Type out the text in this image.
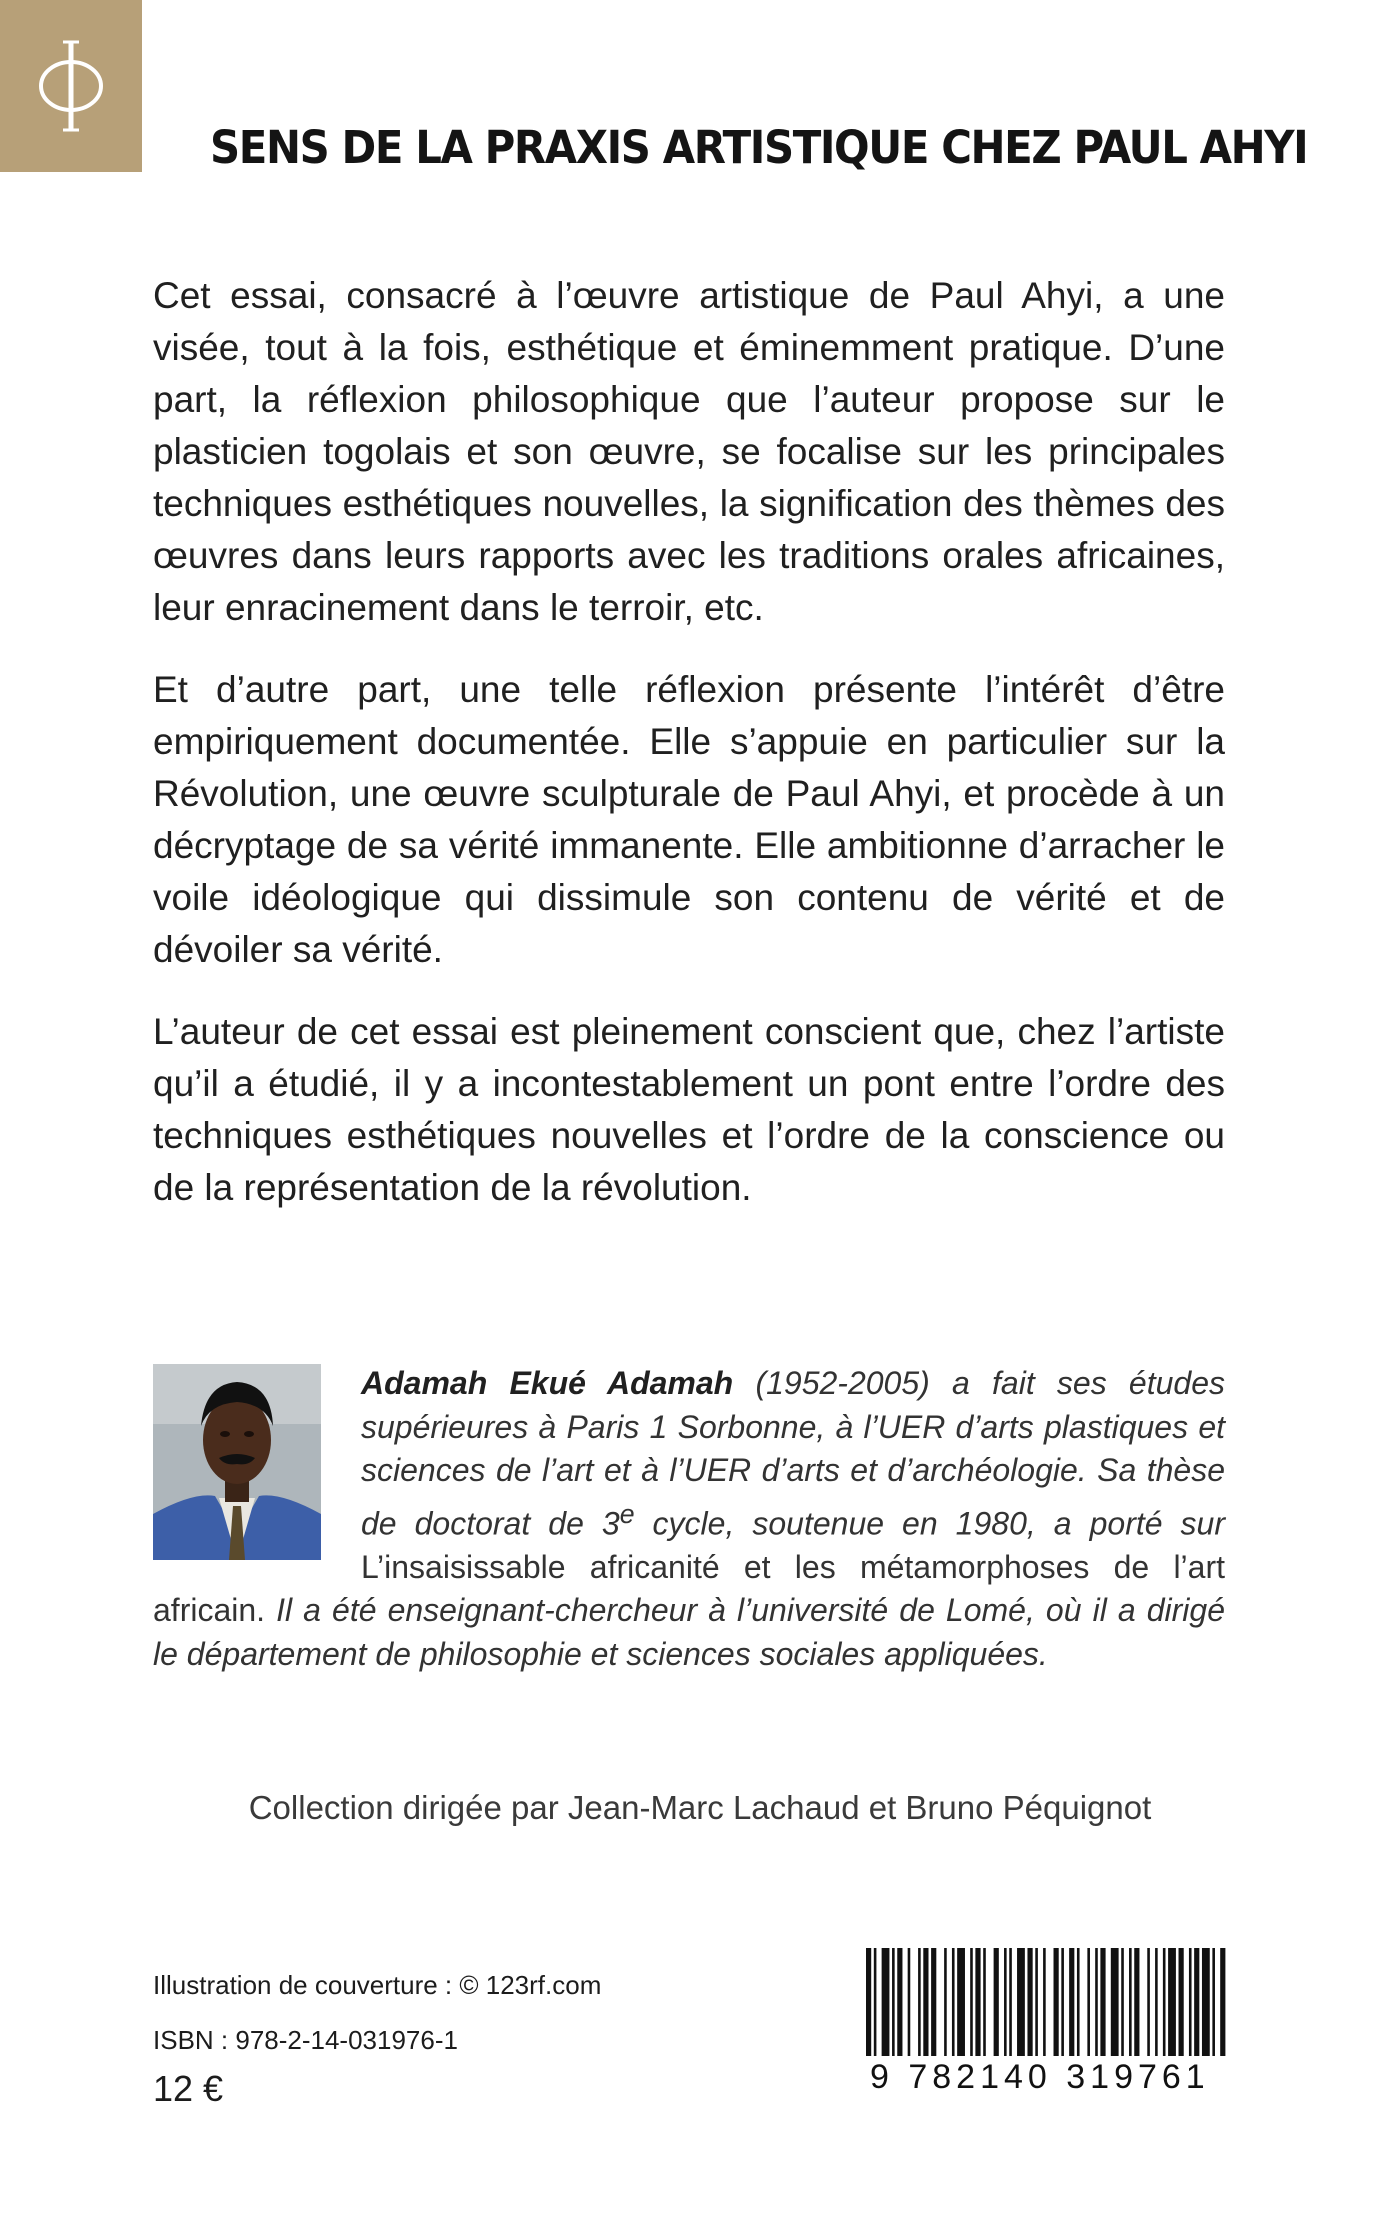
SENS DE LA PRAXIS ARTISTIQUE CHEZ PAUL AHYI

Cet essai, consacré à l’œuvre artistique de Paul Ahyi, a une visée, tout à la fois, esthétique et éminemment pratique. D’une part, la réflexion philosophique que l’auteur propose sur le plasticien togolais et son œuvre, se focalise sur les principales techniques esthétiques nouvelles, la signification des thèmes des œuvres dans leurs rapports avec les traditions orales africaines, leur enracinement dans le terroir, etc.

Et d’autre part, une telle réflexion présente l’intérêt d’être empiriquement documentée. Elle s’appuie en particulier sur la Révolution, une œuvre sculpturale de Paul Ahyi, et procède à un décryptage de sa vérité immanente. Elle ambitionne d’arracher le voile idéologique qui dissimule son contenu de vérité et de dévoiler sa vérité.

L’auteur de cet essai est pleinement conscient que, chez l’artiste qu’il a étudié, il y a incontestablement un pont entre l’ordre des techniques esthétiques nouvelles et l’ordre de la conscience ou de la représentation de la révolution.

Adamah Ekué Adamah (1952-2005) a fait ses études supérieures à Paris 1 Sorbonne, à l’UER d’arts plastiques et sciences de l’art et à l’UER d’arts et d’archéologie. Sa thèse de doctorat de 3e cycle, soutenue en 1980, a porté sur L’insaisissable africanité et les métamorphoses de l’art africain. Il a été enseignant-chercheur à l’université de Lomé, où il a dirigé le département de philosophie et sciences sociales appliquées.
Collection dirigée par Jean-Marc Lachaud et Bruno Péquignot
Illustration de couverture : © 123rf.com
ISBN : 978-2-14-031976-1
12 €	9 782140 319761
